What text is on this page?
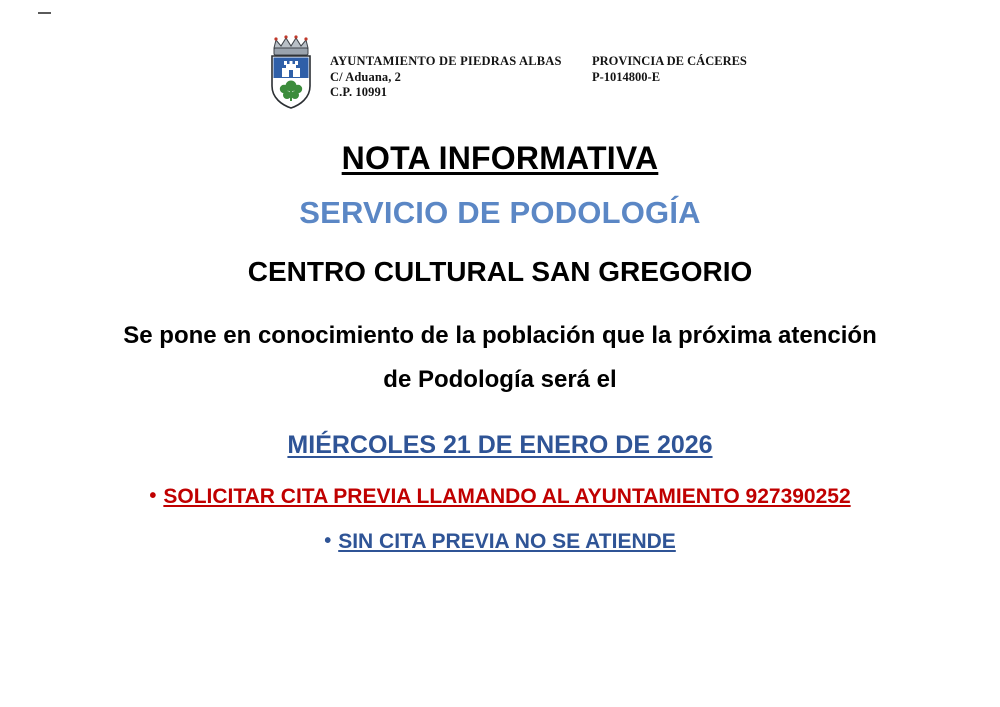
AYUNTAMIENTO DE PIEDRAS ALBAS
C/ Aduana, 2
C.P. 10991
PROVINCIA DE CÁCERES
P-1014800-E
NOTA INFORMATIVA
SERVICIO DE PODOLOGÍA
CENTRO CULTURAL SAN GREGORIO
Se pone en conocimiento de la población que la próxima atención
de Podología será el
MIÉRCOLES 21 DE ENERO DE 2026
• SOLICITAR CITA PREVIA LLAMANDO AL AYUNTAMIENTO 927390252
• SIN CITA PREVIA NO SE ATIENDE
